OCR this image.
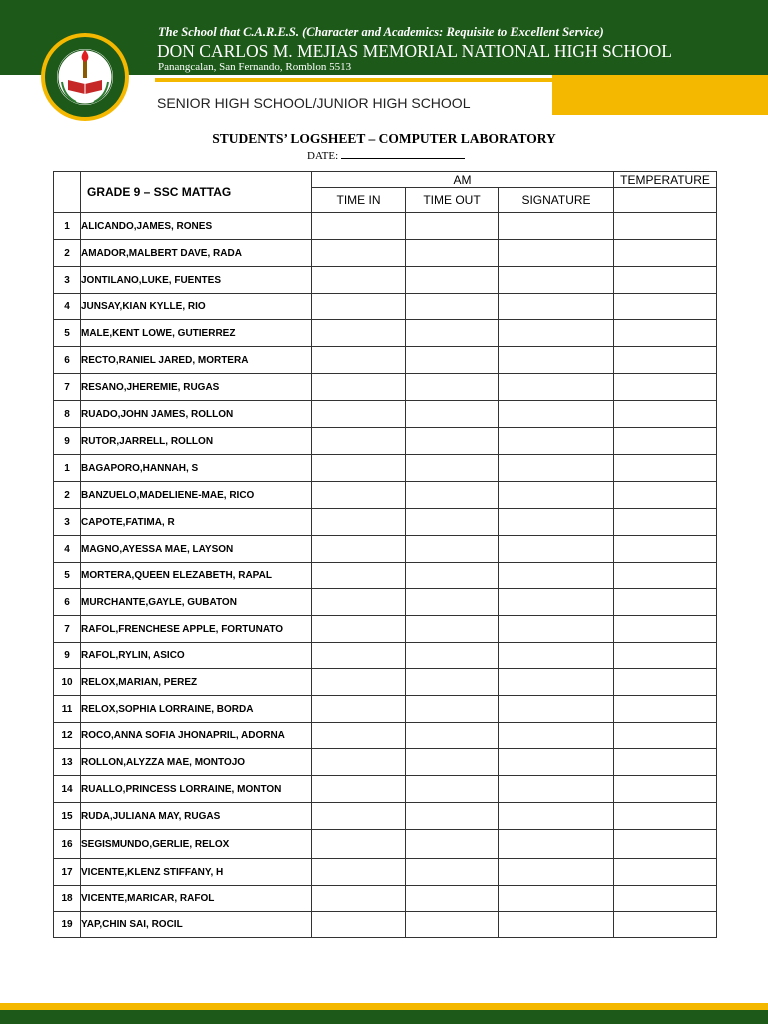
The School that C.A.R.E.S. (Character and Academics: Requisite to Excellent Service)
DON CARLOS M. MEJIAS MEMORIAL NATIONAL HIGH SCHOOL
Panangcalan, San Fernando, Romblon 5513
SENIOR HIGH SCHOOL/JUNIOR HIGH SCHOOL
STUDENTS’ LOGSHEET – COMPUTER LABORATORY
DATE:
	GRADE 9 – SSC MATTAG	AM			TEMPERATURE
		TIME IN	TIME OUT	SIGNATURE	
1	ALICANDO,JAMES, RONES				
2	AMADOR,MALBERT DAVE, RADA				
3	JONTILANO,LUKE, FUENTES				
4	JUNSAY,KIAN KYLLE, RIO				
5	MALE,KENT LOWE, GUTIERREZ				
6	RECTO,RANIEL JARED, MORTERA				
7	RESANO,JHEREMIE, RUGAS				
8	RUADO,JOHN JAMES, ROLLON				
9	RUTOR,JARRELL, ROLLON				
1	BAGAPORO,HANNAH, S				
2	BANZUELO,MADELIENE-MAE, RICO				
3	CAPOTE,FATIMA, R				
4	MAGNO,AYESSA MAE, LAYSON				
5	MORTERA,QUEEN ELEZABETH, RAPAL				
6	MURCHANTE,GAYLE, GUBATON				
7	RAFOL,FRENCHESE APPLE, FORTUNATO				
9	RAFOL,RYLIN, ASICO				
10	RELOX,MARIAN, PEREZ				
11	RELOX,SOPHIA LORRAINE, BORDA				
12	ROCO,ANNA SOFIA JHONAPRIL, ADORNA				
13	ROLLON,ALYZZA MAE, MONTOJO				
14	RUALLO,PRINCESS LORRAINE, MONTON				
15	RUDA,JULIANA MAY, RUGAS				
16	SEGISMUNDO,GERLIE, RELOX				
17	VICENTE,KLENZ STIFFANY, H				
18	VICENTE,MARICAR, RAFOL				
19	YAP,CHIN SAI, ROCIL				
